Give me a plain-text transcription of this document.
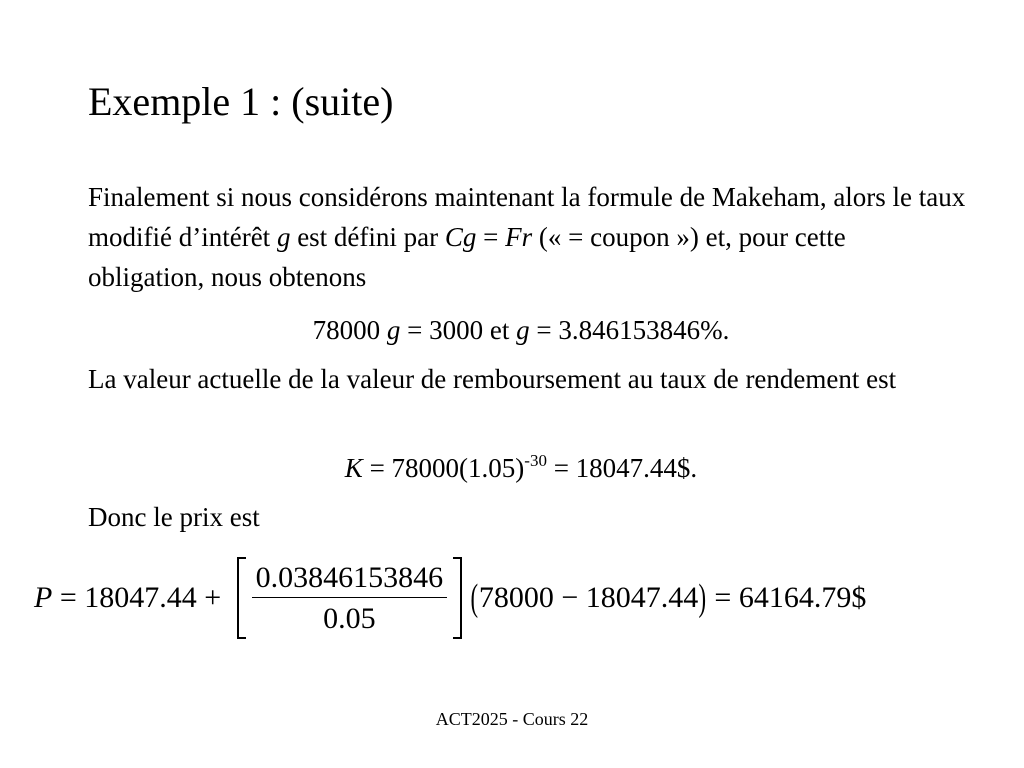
Exemple 1 : (suite)
Finalement si nous considérons maintenant la formule de Makeham, alors le taux modifié d’intérêt g est défini par Cg = Fr (« = coupon ») et, pour cette obligation, nous obtenons
78000 g = 3000 et g = 3.846153846%.
La valeur actuelle de la valeur de remboursement au taux de rendement est
$K = 78000(1.05)^{-30}$ = 18047.44$.
Donc le prix est
$P = 18047.44 + \frac{0.03846153846}{0.05}$ ( 78000 − 18047.44 ) = 64164.79$
ACT2025 - Cours 22
